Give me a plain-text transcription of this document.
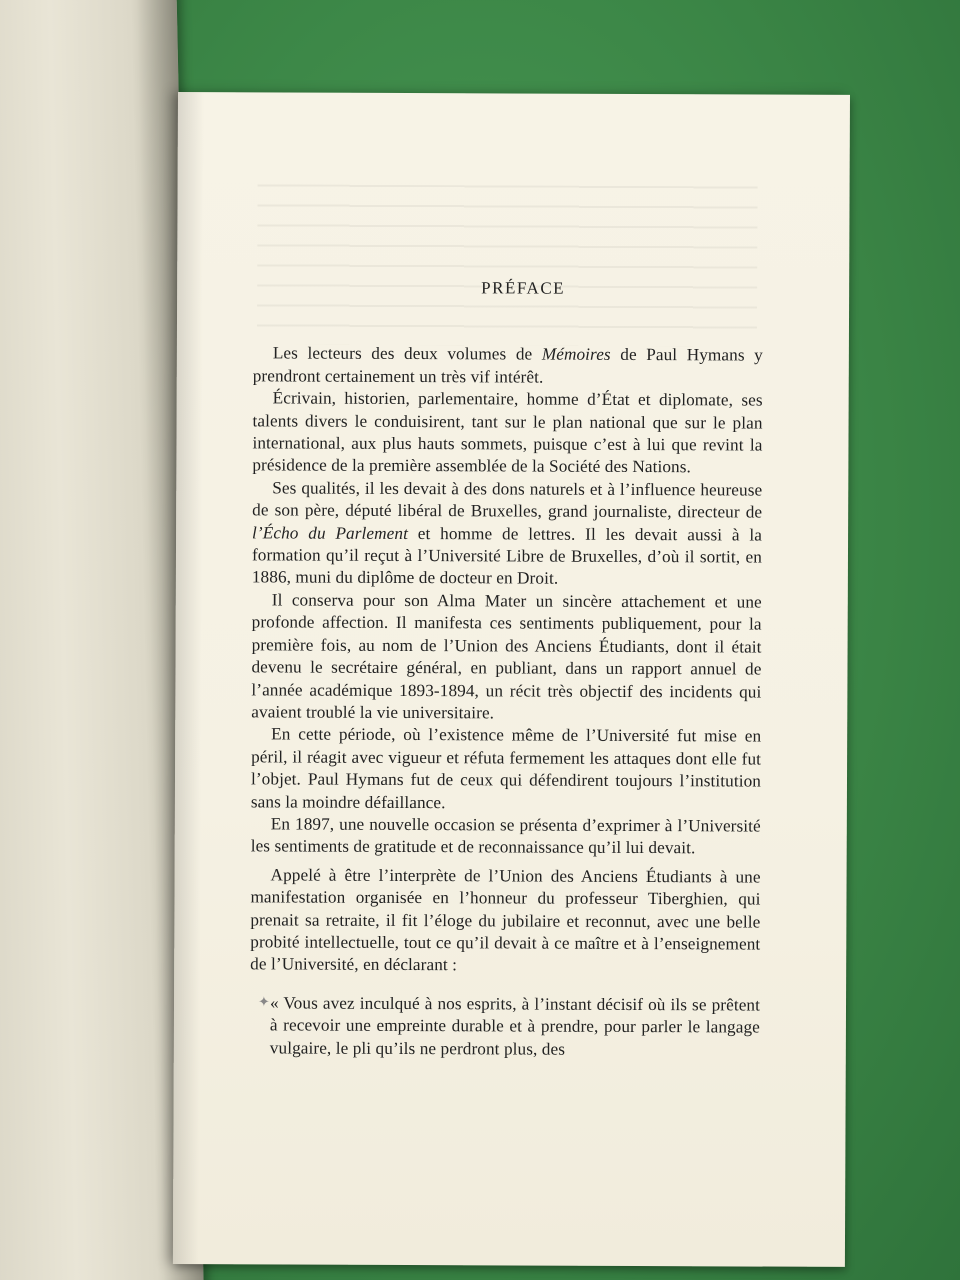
PRÉFACE

Les lecteurs des deux volumes de Mémoires de Paul Hymans y prendront certainement un très vif intérêt.

Écrivain, historien, parlementaire, homme d’État et diplomate, ses talents divers le conduisirent, tant sur le plan national que sur le plan international, aux plus hauts sommets, puisque c’est à lui que revint la présidence de la première assemblée de la Société des Nations.

Ses qualités, il les devait à des dons naturels et à l’influence heureuse de son père, député libéral de Bruxelles, grand journaliste, directeur de l’Écho du Parlement et homme de lettres. Il les devait aussi à la formation qu’il reçut à l’Université Libre de Bruxelles, d’où il sortit, en 1886, muni du diplôme de docteur en Droit.

Il conserva pour son Alma Mater un sincère attachement et une profonde affection. Il manifesta ces sentiments publiquement, pour la première fois, au nom de l’Union des Anciens Étudiants, dont il était devenu le secrétaire général, en publiant, dans un rapport annuel de l’année académique 1893-1894, un récit très objectif des incidents qui avaient troublé la vie universitaire.

En cette période, où l’existence même de l’Université fut mise en péril, il réagit avec vigueur et réfuta fermement les attaques dont elle fut l’objet. Paul Hymans fut de ceux qui défendirent toujours l’institution sans la moindre défaillance.

En 1897, une nouvelle occasion se présenta d’exprimer à l’Université les sentiments de gratitude et de reconnaissance qu’il lui devait.

Appelé à être l’interprète de l’Union des Anciens Étudiants à une manifestation organisée en l’honneur du professeur Tiberghien, qui prenait sa retraite, il fit l’éloge du jubilaire et reconnut, avec une belle probité intellectuelle, tout ce qu’il devait à ce maître et à l’enseignement de l’Université, en déclarant :

✦ « Vous avez inculqué à nos esprits, à l’instant décisif où ils se prêtent à recevoir une empreinte durable et à prendre, pour parler le langage vulgaire, le pli qu’ils ne perdront plus, des
